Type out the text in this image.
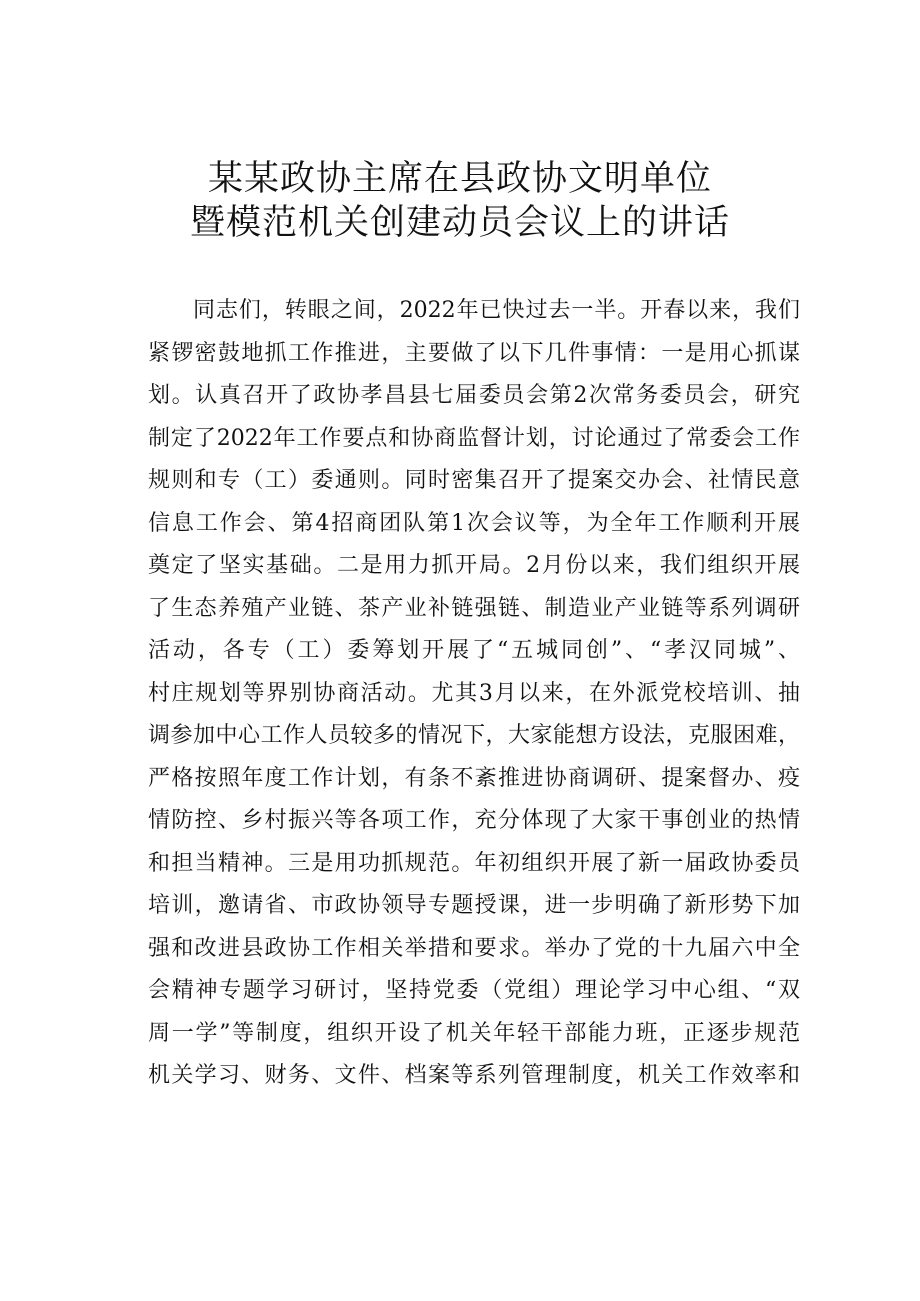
某某政协主席在县政协文明单位
暨模范机关创建动员会议上的讲话
同志们，转眼之间，2022年已快过去一半。开春以来，我们
紧锣密鼓地抓工作推进，主要做了以下几件事情：一是用心抓谋
划。认真召开了政协孝昌县七届委员会第2次常务委员会，研究
制定了2022年工作要点和协商监督计划，讨论通过了常委会工作
规则和专（工）委通则。同时密集召开了提案交办会、社情民意
信息工作会、第4招商团队第1次会议等，为全年工作顺利开展
奠定了坚实基础。二是用力抓开局。2月份以来，我们组织开展
了生态养殖产业链、茶产业补链强链、制造业产业链等系列调研
活动，各专（工）委筹划开展了“五城同创”、“孝汉同城”、
村庄规划等界别协商活动。尤其3月以来，在外派党校培训、抽
调参加中心工作人员较多的情况下，大家能想方设法，克服困难，
严格按照年度工作计划，有条不紊推进协商调研、提案督办、疫
情防控、乡村振兴等各项工作，充分体现了大家干事创业的热情
和担当精神。三是用功抓规范。年初组织开展了新一届政协委员
培训，邀请省、市政协领导专题授课，进一步明确了新形势下加
强和改进县政协工作相关举措和要求。举办了党的十九届六中全
会精神专题学习研讨，坚持党委（党组）理论学习中心组、“双
周一学”等制度，组织开设了机关年轻干部能力班，正逐步规范
机关学习、财务、文件、档案等系列管理制度，机关工作效率和
